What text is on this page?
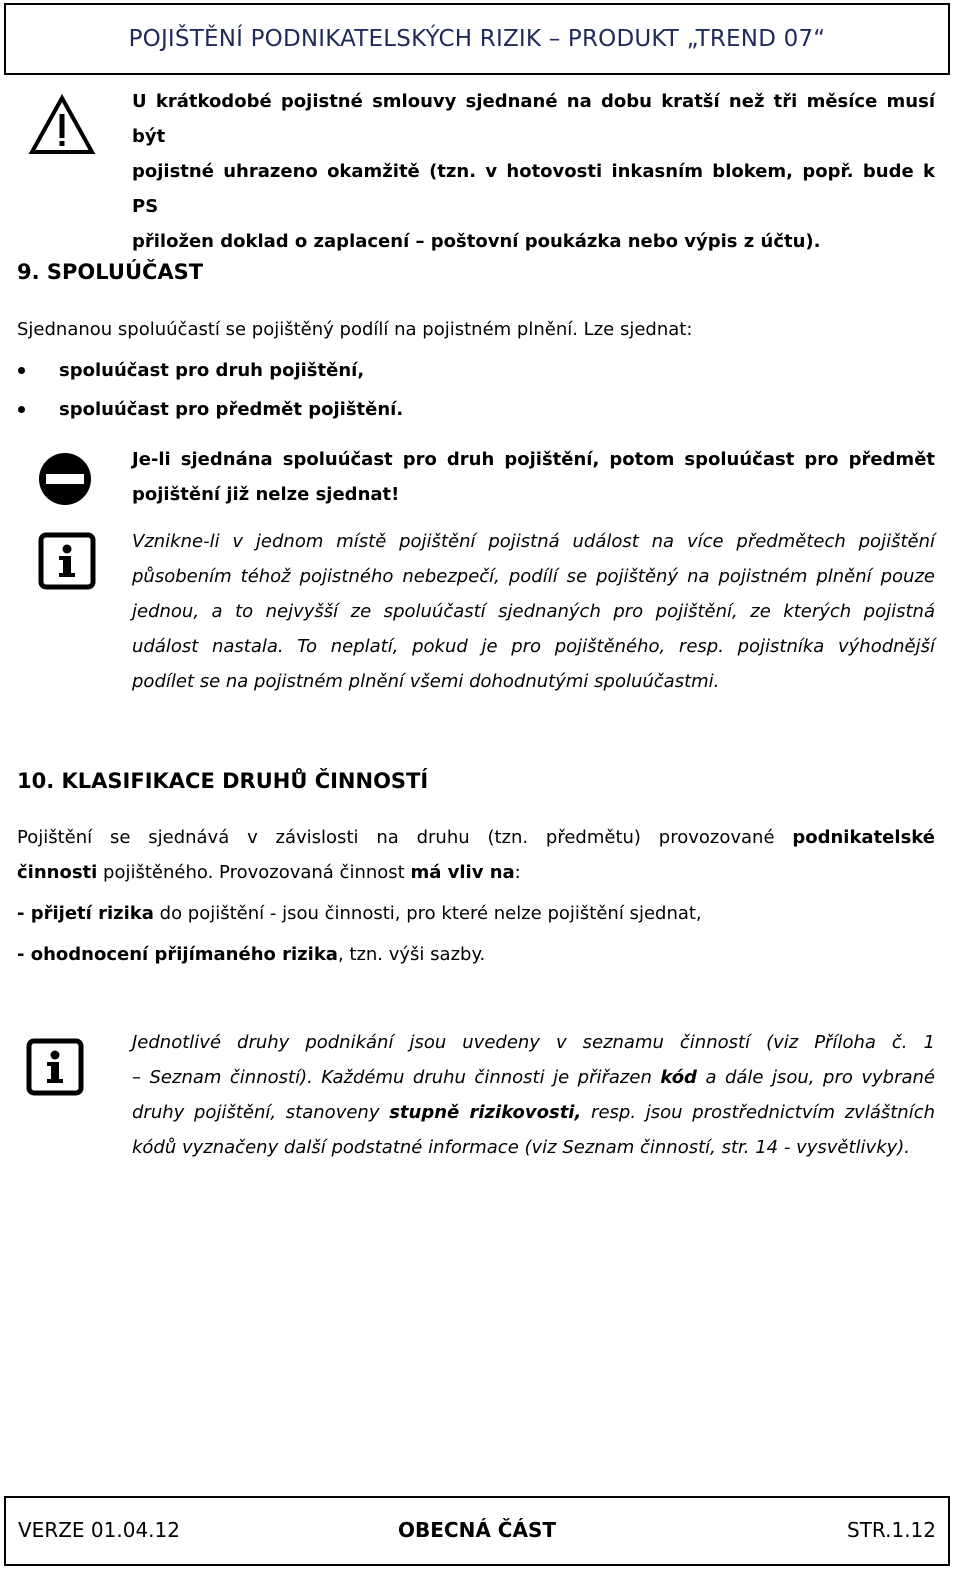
POJIŠTĚNÍ PODNIKATELSKÝCH RIZIK – PRODUKT „TREND 07“
U krátkodobé pojistné smlouvy sjednané na dobu kratší než tři měsíce musí být
pojistné uhrazeno okamžitě (tzn. v hotovosti inkasním blokem, popř. bude k PS
přiložen doklad o zaplacení – poštovní poukázka nebo výpis z účtu).
9. SPOLUÚČAST

Sjednanou spoluúčastí se pojištěný podílí na pojistném plnění. Lze sjednat:

spoluúčast pro druh pojištění,
spoluúčast pro předmět pojištění.
Je-li sjednána spoluúčast pro druh pojištění, potom spoluúčast pro předmět
pojištění již nelze sjednat!
Vznikne-li v jednom místě pojištění pojistná událost na více předmětech pojištění
působením téhož pojistného nebezpečí, podílí se pojištěný na pojistném plnění pouze
jednou, a to nejvyšší ze spoluúčastí sjednaných pro pojištění, ze kterých pojistná
událost nastala. To neplatí, pokud je pro pojištěného, resp. pojistníka výhodnější
podílet se na pojistném plnění všemi dohodnutými spoluúčastmi.
10. KLASIFIKACE DRUHŮ ČINNOSTÍ
Pojištění se sjednává v závislosti na druhu (tzn. předmětu) provozované podnikatelské
činnosti pojištěného. Provozovaná činnost má vliv na:
- přijetí rizika do pojištění - jsou činnosti, pro které nelze pojištění sjednat,
- ohodnocení přijímaného rizika, tzn. výši sazby.
Jednotlivé druhy podnikání jsou uvedeny v seznamu činností (viz Příloha č. 1
– Seznam činností). Každému druhu činnosti je přiřazen kód a dále jsou, pro vybrané
druhy pojištění, stanoveny stupně rizikovosti, resp. jsou prostřednictvím zvláštních
kódů vyznačeny další podstatné informace (viz Seznam činností, str. 14 - vysvětlivky).
VERZE 01.04.12	OBECNÁ ČÁST	STR.1.12
